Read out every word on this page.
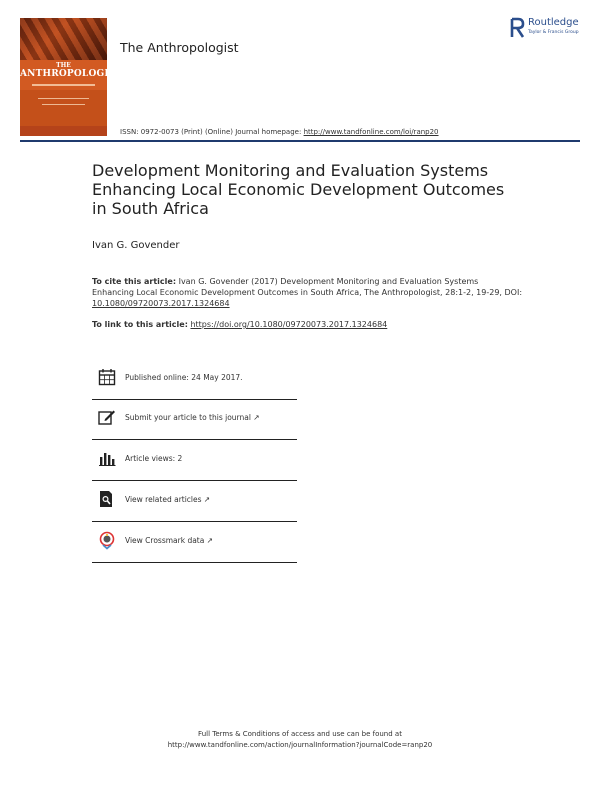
THE
ANTHROPOLOGIST
The Anthropologist
Routledge
Taylor & Francis Group
ISSN: 0972-0073 (Print) (Online) Journal homepage: http://www.tandfonline.com/loi/ranp20
Development Monitoring and Evaluation Systems Enhancing Local Economic Development Outcomes in South Africa
Ivan G. Govender
To cite this article: Ivan G. Govender (2017) Development Monitoring and Evaluation Systems Enhancing Local Economic Development Outcomes in South Africa, The Anthropologist, 28:1-2, 19-29, DOI: 10.1080/09720073.2017.1324684
To link to this article: https://doi.org/10.1080/09720073.2017.1324684
Published online: 24 May 2017.
Submit your article to this journal ↗
Article views: 2
View related articles ↗
View Crossmark data ↗
Full Terms & Conditions of access and use can be found at
http://www.tandfonline.com/action/journalInformation?journalCode=ranp20
